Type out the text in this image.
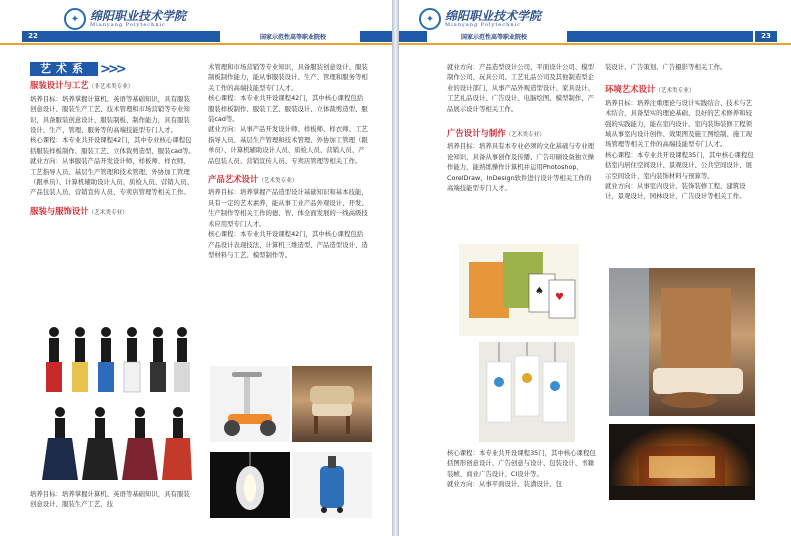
✦ 绵阳职业技术学院
Mianyang Polytechnic
22	国家示范性高等职业院校
艺术系 >>>
服装设计与工艺（非艺术类专业）

培养目标：培养掌握计算机、英语等基础知识，具有服装创意设计、服装生产工艺、技术管理和市场营销等专业知识，具备服装创意设计、服装制板、制作能力，具有服装设计、生产、管理、服务等的高端技能型专门人才。

核心课程：本专业共开设课程42门，其中专业核心课程包括服装样板制作、服装工艺、立体裁剪造型、服装cad等。

就业方向：从事服装产品开发设计师、样板师、样衣师、工艺指导人员、基层生产管理和技术管理、外协加工管理（跟单员）、计算机辅助设计人员、质检人员、营销人员、产品包装人员、营销宣传人员、专卖店管理等相关工作。

服装与服饰设计（艺术类专业）

培养目标：培养掌握计算机、英语等基础知识，具有服装创意设计、服装生产工艺、技

术管理和市场营销等专业知识，具备服装创意设计、服装制板制作能力，能从事服装设计、生产、管理和服务等相关工作的高端技能型专门人才。

核心课程：本专业共开设课程42门，其中核心课程包括服装样板制作、服装工艺、服装设计、立体裁剪造型、服装cad等。

就业方向：从事产品开发设计师、样板师、样衣师、工艺指导人员、基层生产管理和技术管理、外协加工管理（跟单员）、计算机辅助设计人员、质检人员、营销人员、产品包装人员、营销宣传人员、专卖店管理等相关工作。

产品艺术设计（艺术类专业）

培养目标：培养掌握产品造型设计基础知识和基本技能，具有一定的艺术素养，能从事工业产品外观设计、开发、生产制作等相关工作的德、智、体全面发展的一线高级技术应用型专门人才。

核心课程：本专业共开设课程42门，其中核心课程包括产品设计表现技法、计算机三维造型、产品造型设计、造型材料与工艺、模型制作等。

✦ 绵阳职业技术学院
Mianyang Polytechnic
国家示范性高等职业院校	23

就业方向：产品造型设计公司、平面设计公司、模型制作公司、玩具公司、工艺礼品公司及其他制造型企业的设计部门，从事产品外观造型设计、家具设计、工艺礼品设计、广告设计、电脑绘图、模型制作、产品展示设计等相关工作。

广告设计与制作（艺术类专业）

培养目标：培养具有本专业必须的文化基础与专业理论知识，具备从事创作及传播、广告印刷设备独立操作能力，能熟练操作计算机并运用Photoshop、CorelDraw、InDesign软件进行设计等相关工作的高端技能型专门人才。

♠
♥

核心课程：本专业共开设课程35门，其中核心课程包括图形创意设计、广告创意与设计、包装设计、书籍装帧、商业广告设计、CI设计等。

就业方向：从事平面设计、装潢设计、包

装设计、广告策划、广告摄影等相关工作。

环境艺术设计（艺术类专业）

培养目标：培养注重理论与设计实践结合、技术与艺术结合，具备坚实的理论基础、良好的艺术修养和较强的实践能力，能在室内设计、室内装饰装修工程领域从事室内设计创作、效果图及施工图绘制、施工现场管理等相关工作的高端技能型专门人才。

核心课程：本专业共开设课程35门，其中核心课程包括室内居住空间设计、景观设计、公共空间设计、展示空间设计、室内装饰材料与预算等。

就业方向：从事室内设计、装饰装修工程、建筑设计、景观设计、园林设计、广告设计等相关工作。
